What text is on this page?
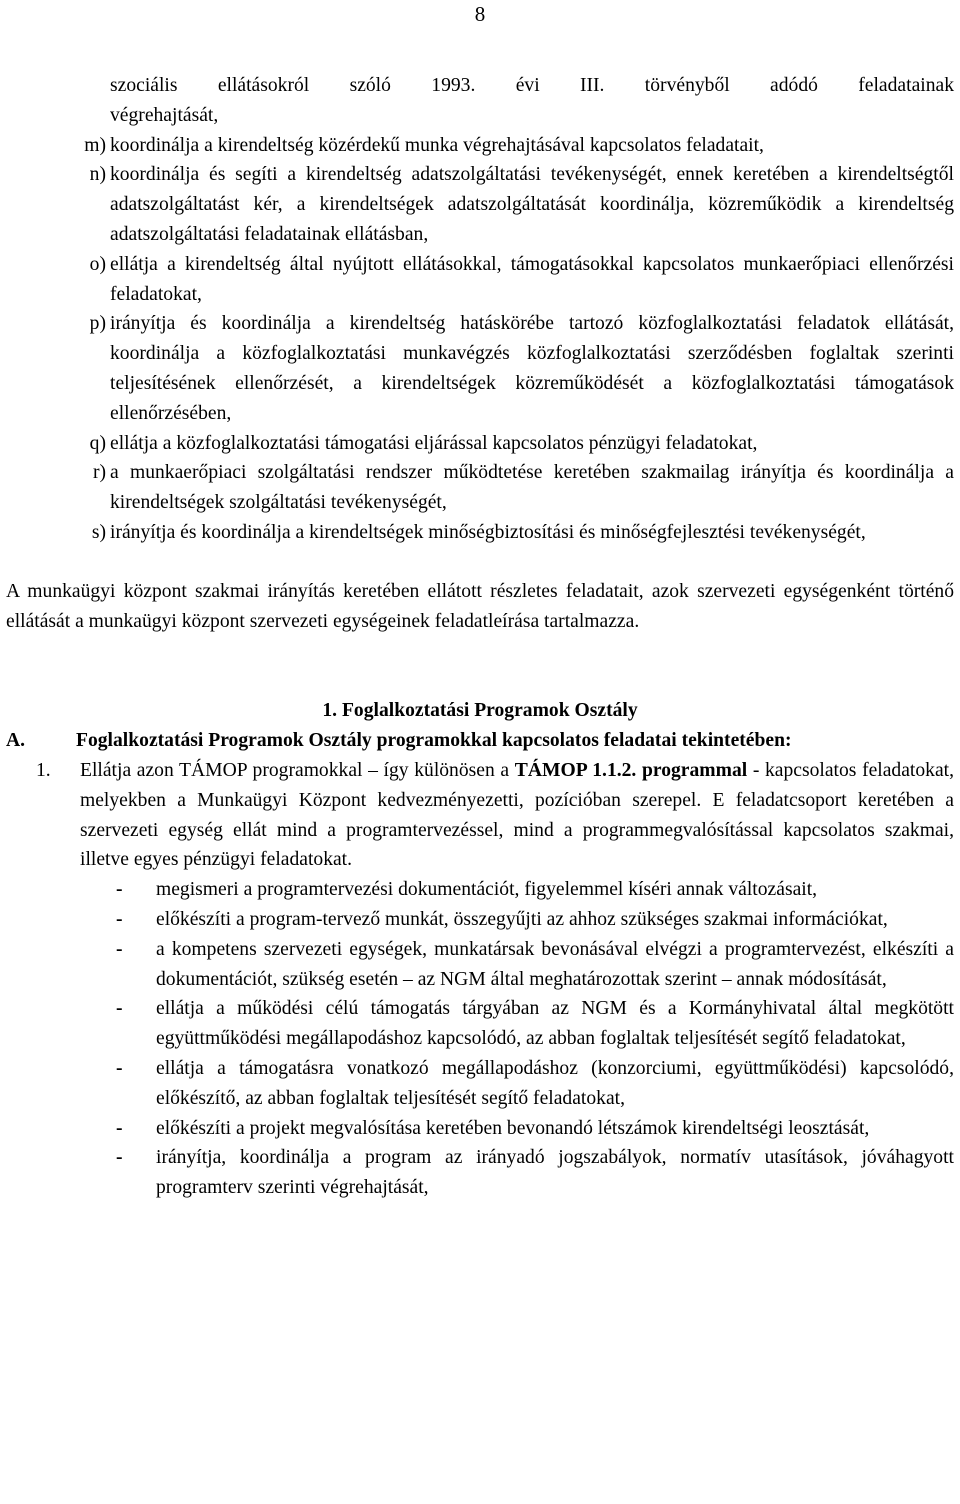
8
szociális ellátásokról szóló 1993. évi III. törvényből adódó feladatainak
végrehajtását,
m) koordinálja a kirendeltség közérdekű munka végrehajtásával kapcsolatos feladatait,
n) koordinálja és segíti a kirendeltség adatszolgáltatási tevékenységét, ennek keretében a kirendeltségtől adatszolgáltatást kér, a kirendeltségek adatszolgáltatását koordinálja, közreműködik a kirendeltség adatszolgáltatási feladatainak ellátásban,
o) ellátja a kirendeltség által nyújtott ellátásokkal, támogatásokkal kapcsolatos munkaerőpiaci ellenőrzési feladatokat,
p) irányítja és koordinálja a kirendeltség hatáskörébe tartozó közfoglalkoztatási feladatok ellátását, koordinálja a közfoglalkoztatási munkavégzés közfoglalkoztatási szerződésben foglaltak szerinti teljesítésének ellenőrzését, a kirendeltségek közreműködését a közfoglalkoztatási támogatások ellenőrzésében,
q) ellátja a közfoglalkoztatási támogatási eljárással kapcsolatos pénzügyi feladatokat,
r) a munkaerőpiaci szolgáltatási rendszer működtetése keretében szakmailag irányítja és koordinálja a kirendeltségek szolgáltatási tevékenységét,
s) irányítja és koordinálja a kirendeltségek minőségbiztosítási és minőségfejlesztési tevékenységét,
A munkaügyi központ szakmai irányítás keretében ellátott részletes feladatait, azok szervezeti egységenként történő ellátását a munkaügyi központ szervezeti egységeinek feladatleírása tartalmazza.
1. Foglalkoztatási Programok Osztály
A.	Foglalkoztatási Programok Osztály programokkal kapcsolatos feladatai tekintetében:
1.	Ellátja azon TÁMOP programokkal – így különösen a TÁMOP 1.1.2. programmal - kapcsolatos feladatokat, melyekben a Munkaügyi Központ kedvezményezetti, pozícióban szerepel. E feladatcsoport keretében a szervezeti egység ellát mind a programtervezéssel, mind a programmegvalósítással kapcsolatos szakmai, illetve egyes pénzügyi feladatokat.
-	megismeri a programtervezési dokumentációt, figyelemmel kíséri annak változásait,
-	előkészíti a program-tervező munkát, összegyűjti az ahhoz szükséges szakmai információkat,
-	a kompetens szervezeti egységek, munkatársak bevonásával elvégzi a programtervezést, elkészíti a dokumentációt, szükség esetén – az NGM által meghatározottak szerint – annak módosítását,
-	ellátja a működési célú támogatás tárgyában az NGM és a Kormányhivatal által megkötött együttműködési megállapodáshoz kapcsolódó, az abban foglaltak teljesítését segítő feladatokat,
-	ellátja a támogatásra vonatkozó megállapodáshoz (konzorciumi, együttműködési) kapcsolódó, előkészítő, az abban foglaltak teljesítését segítő feladatokat,
-	előkészíti a projekt megvalósítása keretében bevonandó létszámok kirendeltségi leosztását,
-	irányítja, koordinálja a program az irányadó jogszabályok, normatív utasítások, jóváhagyott programterv szerinti végrehajtását,
